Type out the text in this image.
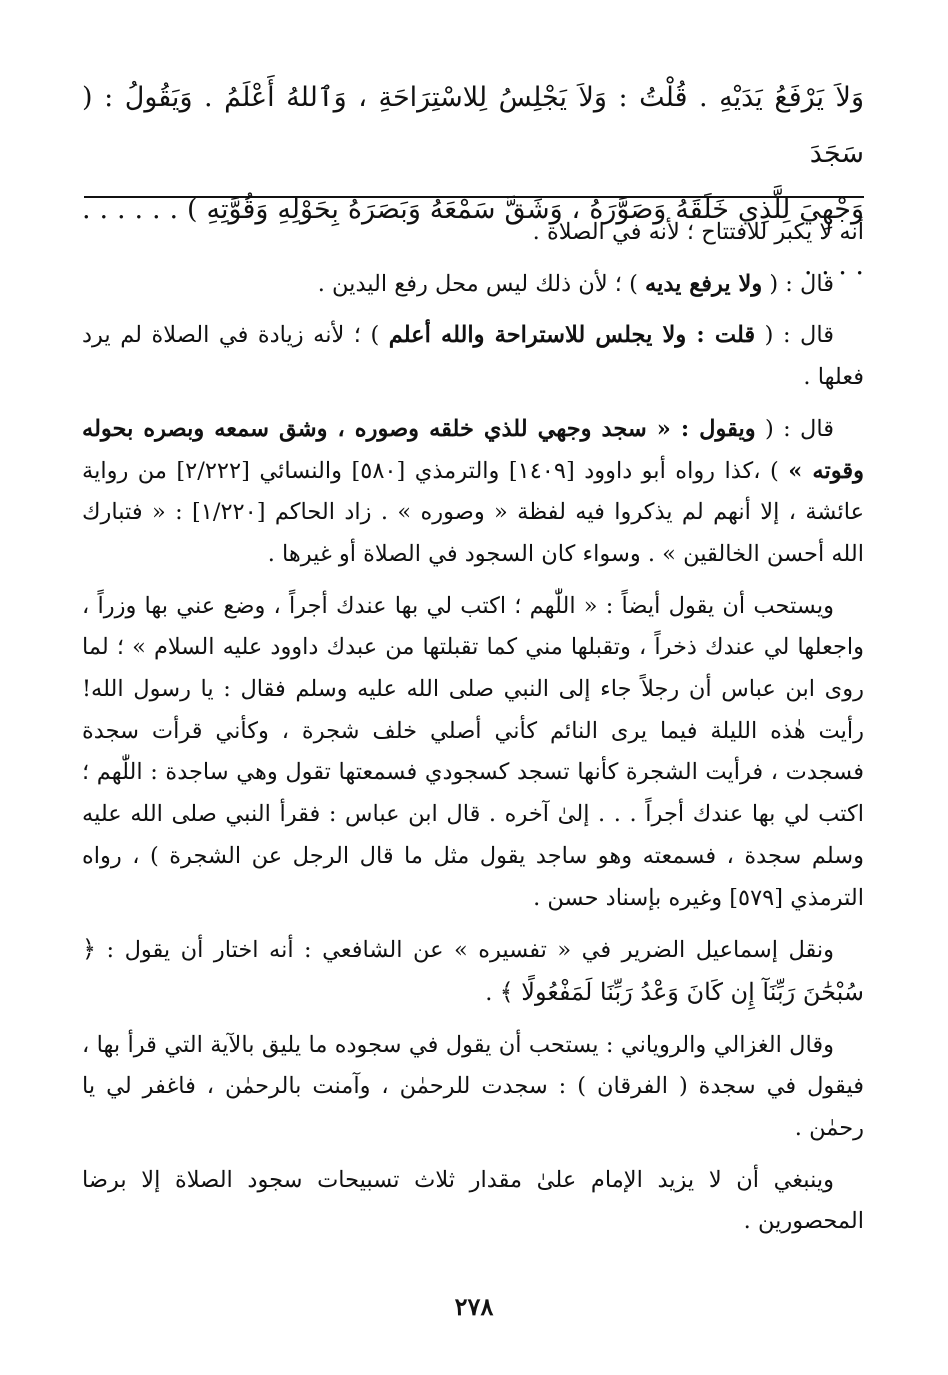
وَلاَ يَرْفَعُ يَدَيْهِ . قُلْتُ : وَلاَ يَجْلِسُ لِلاسْتِرَاحَةِ ، وَٱللهُ أَعْلَمُ . وَيَقُولُ : ( سَجَدَ
وَجْهِيَ لِلَّذِي خَلَقَهُ وَصَوَّرَهُ ، وَشَقَّ سَمْعَهُ وَبَصَرَهُ بِحَوْلِهِ وَقُوَّتِهِ ) . . . . . . . . . .

أنه لا يكبر للافتتاح ؛ لأنه في الصلاة .

قال : ( ولا يرفع يديه ) ؛ لأن ذلك ليس محل رفع اليدين .

قال : ( قلت : ولا يجلس للاستراحة والله أعلم ) ؛ لأنه زيادة في الصلاة لم يرد فعلها .

قال : ( ويقول : « سجد وجهي للذي خلقه وصوره ، وشق سمعه وبصره بحوله وقوته » ) ،كذا رواه أبو داوود [١٤٠٩] والترمذي [٥٨٠] والنسائي [٢/٢٢٢] من رواية عائشة ، إلا أنهم لم يذكروا فيه لفظة « وصوره » . زاد الحاكم [١/٢٢٠] : « فتبارك الله أحسن الخالقين » . وسواء كان السجود في الصلاة أو غيرها .

ويستحب أن يقول أيضاً : « اللّٰهم ؛ اكتب لي بها عندك أجراً ، وضع عني بها وزراً ، واجعلها لي عندك ذخراً ، وتقبلها مني كما تقبلتها من عبدك داوود عليه السلام » ؛ لما روى ابن عباس أن رجلاً جاء إلى النبي صلى الله عليه وسلم فقال : يا رسول الله! رأيت هٰذه الليلة فيما يرى النائم كأني أصلي خلف شجرة ، وكأني قرأت سجدة فسجدت ، فرأيت الشجرة كأنها تسجد كسجودي فسمعتها تقول وهي ساجدة : اللّٰهم ؛ اكتب لي بها عندك أجراً . . . إلىٰ آخره . قال ابن عباس : فقرأ النبي صلى الله عليه وسلم سجدة ، فسمعته وهو ساجد يقول مثل ما قال الرجل عن الشجرة ) ، رواه الترمذي [٥٧٩] وغيره بإسناد حسن .

ونقل إسماعيل الضرير في « تفسيره » عن الشافعي : أنه اختار أن يقول : ﴿ سُبْحَٰنَ رَبِّنَآ إِن كَانَ وَعْدُ رَبِّنَا لَمَفْعُولًا ﴾ .

وقال الغزالي والروياني : يستحب أن يقول في سجوده ما يليق بالآية التي قرأ بها ، فيقول في سجدة ( الفرقان ) : سجدت للرحمٰن ، وآمنت بالرحمٰن ، فاغفر لي يا رحمٰن .

وينبغي أن لا يزيد الإمام علىٰ مقدار ثلاث تسبيحات سجود الصلاة إلا برضا المحصورين .

٢٧٨
